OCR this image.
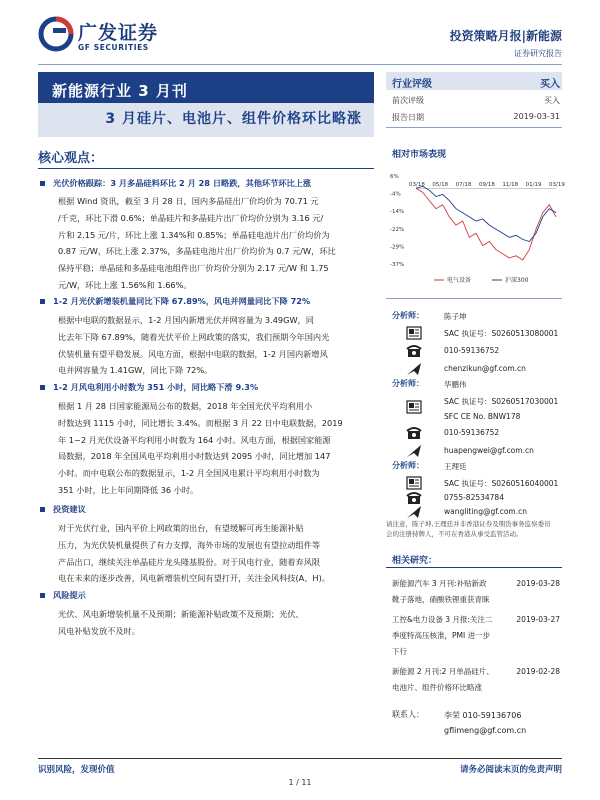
广发证券
GF SECURITIES
投资策略月报|新能源
证券研究报告
新能源行业 3 月刊
3 月硅片、电池片、组件价格环比略涨
行业评级	买入
前次评级	买入
报告日期	2019-03-31
核心观点：
光伏价格跟踪：3 月多晶硅料环比 2 月 28 日略跌，其他环节环比上涨
根据 Wind 资讯，截至 3 月 28 日，国内多晶硅出厂价均价为 70.71 元
/千克，环比下滑 0.6%；单晶硅片和多晶硅片出厂价均价分别为 3.16 元/
片和 2.15 元/片，环比上涨 1.34%和 0.85%；单晶硅电池片出厂价均价为
0.87 元/W，环比上涨 2.37%，多晶硅电池片出厂价均价为 0.7 元/W，环比
保持平稳；单晶硅和多晶硅电池组件出厂价均价分别为 2.17 元/W 和 1.75
元/W，环比上涨 1.56%和 1.66%。
1-2 月光伏新增装机量同比下降 67.89%，风电并网量同比下降 72%
根据中电联的数据显示，1-2 月国内新增光伏并网容量为 3.49GW，同
比去年下降 67.89%，随着光伏平价上网政策的落实，我们预期今年国内光
伏装机量有望平稳发展。风电方面，根据中电联的数据，1-2 月国内新增风
电并网容量为 1.41GW，同比下降 72%。
1-2 月风电利用小时数为 351 小时，同比略下滑 9.3%
根据 1 月 28 日国家能源局公布的数据，2018 年全国光伏平均利用小
时数达到 1115 小时，同比增长 3.4%。而根据 3 月 22 日中电联数据，2019
年 1~2 月光伏设备平均利用小时数为 164 小时。风电方面，根据国家能源
局数据，2018 年全国风电平均利用小时数达到 2095 小时，同比增加 147
小时。而中电联公布的数据显示，1-2 月全国风电累计平均利用小时数为
351 小时，比上年同期降低 36 小时。
投资建议
对于光伏行业，国内平价上网政策的出台，有望缓解可再生能源补贴
压力，为光伏装机量提供了有力支撑，海外市场的发展也有望拉动组件等
产品出口，继续关注单晶硅片龙头隆基股份。对于风电行业，随着弃风限
电在未来的逐步改善，风电新增装机空间有望打开，关注金风科技(A、H)。
风险提示
光伏、风电新增装机量不及预期；新能源补贴政策不及预期；光伏、
风电补贴发放不及时。
相对市场表现
6%
-4%
-14%
-22%
-29%
-37%
03/18 05/18 07/18 09/18 11/18 01/19 03/19
电气设备	沪深300
分析师：	陈子坤
SAC 执证号：S0260513080001
010-59136752
chenzikun@gf.com.cn
分析师：	华鹏伟
SAC 执证号：S0260517030001
SFC CE No. BNW178
010-59136752
huapengwei@gf.com.cn
分析师：	王理廷
SAC 执证号：S0260516040001
0755-82534784
wangliting@gf.com.cn
请注意，陈子坤,王理廷并非香港证券及期货事务监察委员
会的注册持牌人，不可在香港从事受监管活动。
相关研究：
新能源汽车 3 月刊:补贴新政
靴子落地，硝酸铁锂重获青睐
2019-03-28
工控&电力设备 3 月报:关注二
季度特高压核准，PMI 进一步
下行
2019-03-27
新能源 2 月刊:2 月单晶硅片、
电池片、组件价格环比略涨
2019-02-28
联系人：	李荣 010-59136706
gflimeng@gf.com.cn
识别风险，发现价值	请务必阅读末页的免责声明
1 / 11
